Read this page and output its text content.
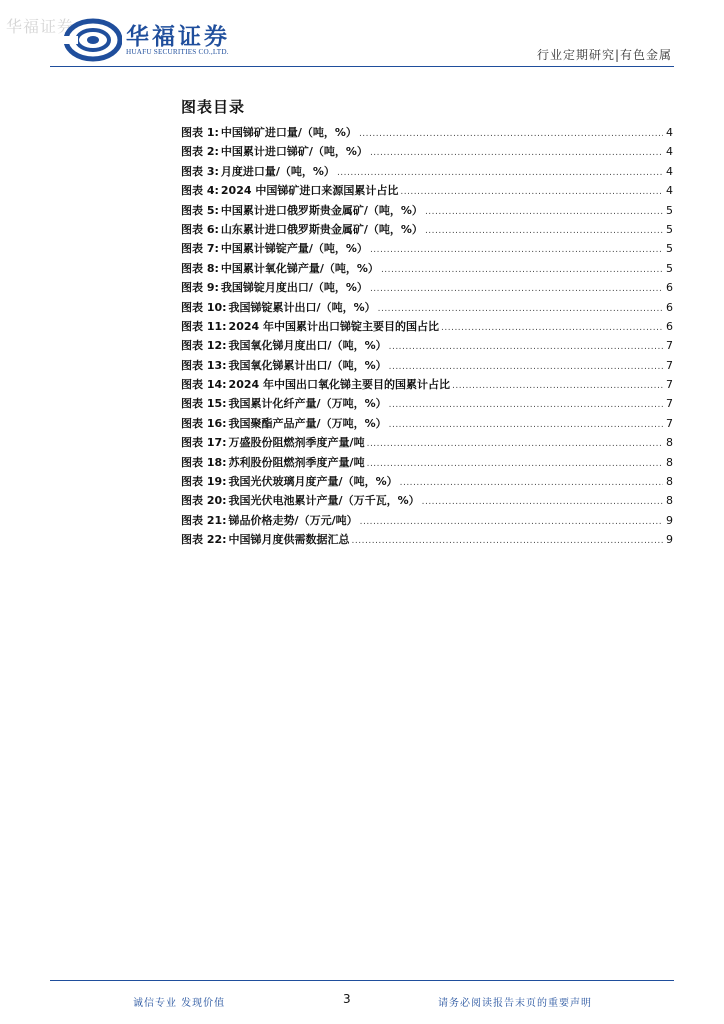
华福证券 华福证券
HUAFU SECURITIES CO.,LTD.	行业定期研究|有色金属
图表目录
图表 1: 中国锑矿进口量/（吨，%） .....	4
图表 2: 中国累计进口锑矿/（吨，%） .....	4
图表 3: 月度进口量/（吨，%） .....	4
图表 4: 2024 中国锑矿进口来源国累计占比 .....	4
图表 5: 中国累计进口俄罗斯贵金属矿/（吨，%） .....	5
图表 6: 山东累计进口俄罗斯贵金属矿/（吨，%） .....	5
图表 7: 中国累计锑锭产量/（吨，%） .....	5
图表 8: 中国累计氧化锑产量/（吨，%） .....	5
图表 9: 我国锑锭月度出口/（吨，%） .....	6
图表 10: 我国锑锭累计出口/（吨，%） .....	6
图表 11: 2024 年中国累计出口锑锭主要目的国占比 .....	6
图表 12: 我国氧化锑月度出口/（吨，%） .....	7
图表 13: 我国氧化锑累计出口/（吨，%） .....	7
图表 14: 2024 年中国出口氧化锑主要目的国累计占比 .....	7
图表 15: 我国累计化纤产量/（万吨，%） .....	7
图表 16: 我国聚酯产品产量/（万吨，%） .....	7
图表 17: 万盛股份阻燃剂季度产量/吨 .....	8
图表 18: 苏利股份阻燃剂季度产量/吨 .....	8
图表 19: 我国光伏玻璃月度产量/（吨，%） .....	8
图表 20: 我国光伏电池累计产量/（万千瓦，%） .....	8
图表 21: 锑品价格走势/（万元/吨） .....	9
图表 22: 中国锑月度供需数据汇总 .....	9
诚信专业 发现价值	3	请务必阅读报告末页的重要声明
